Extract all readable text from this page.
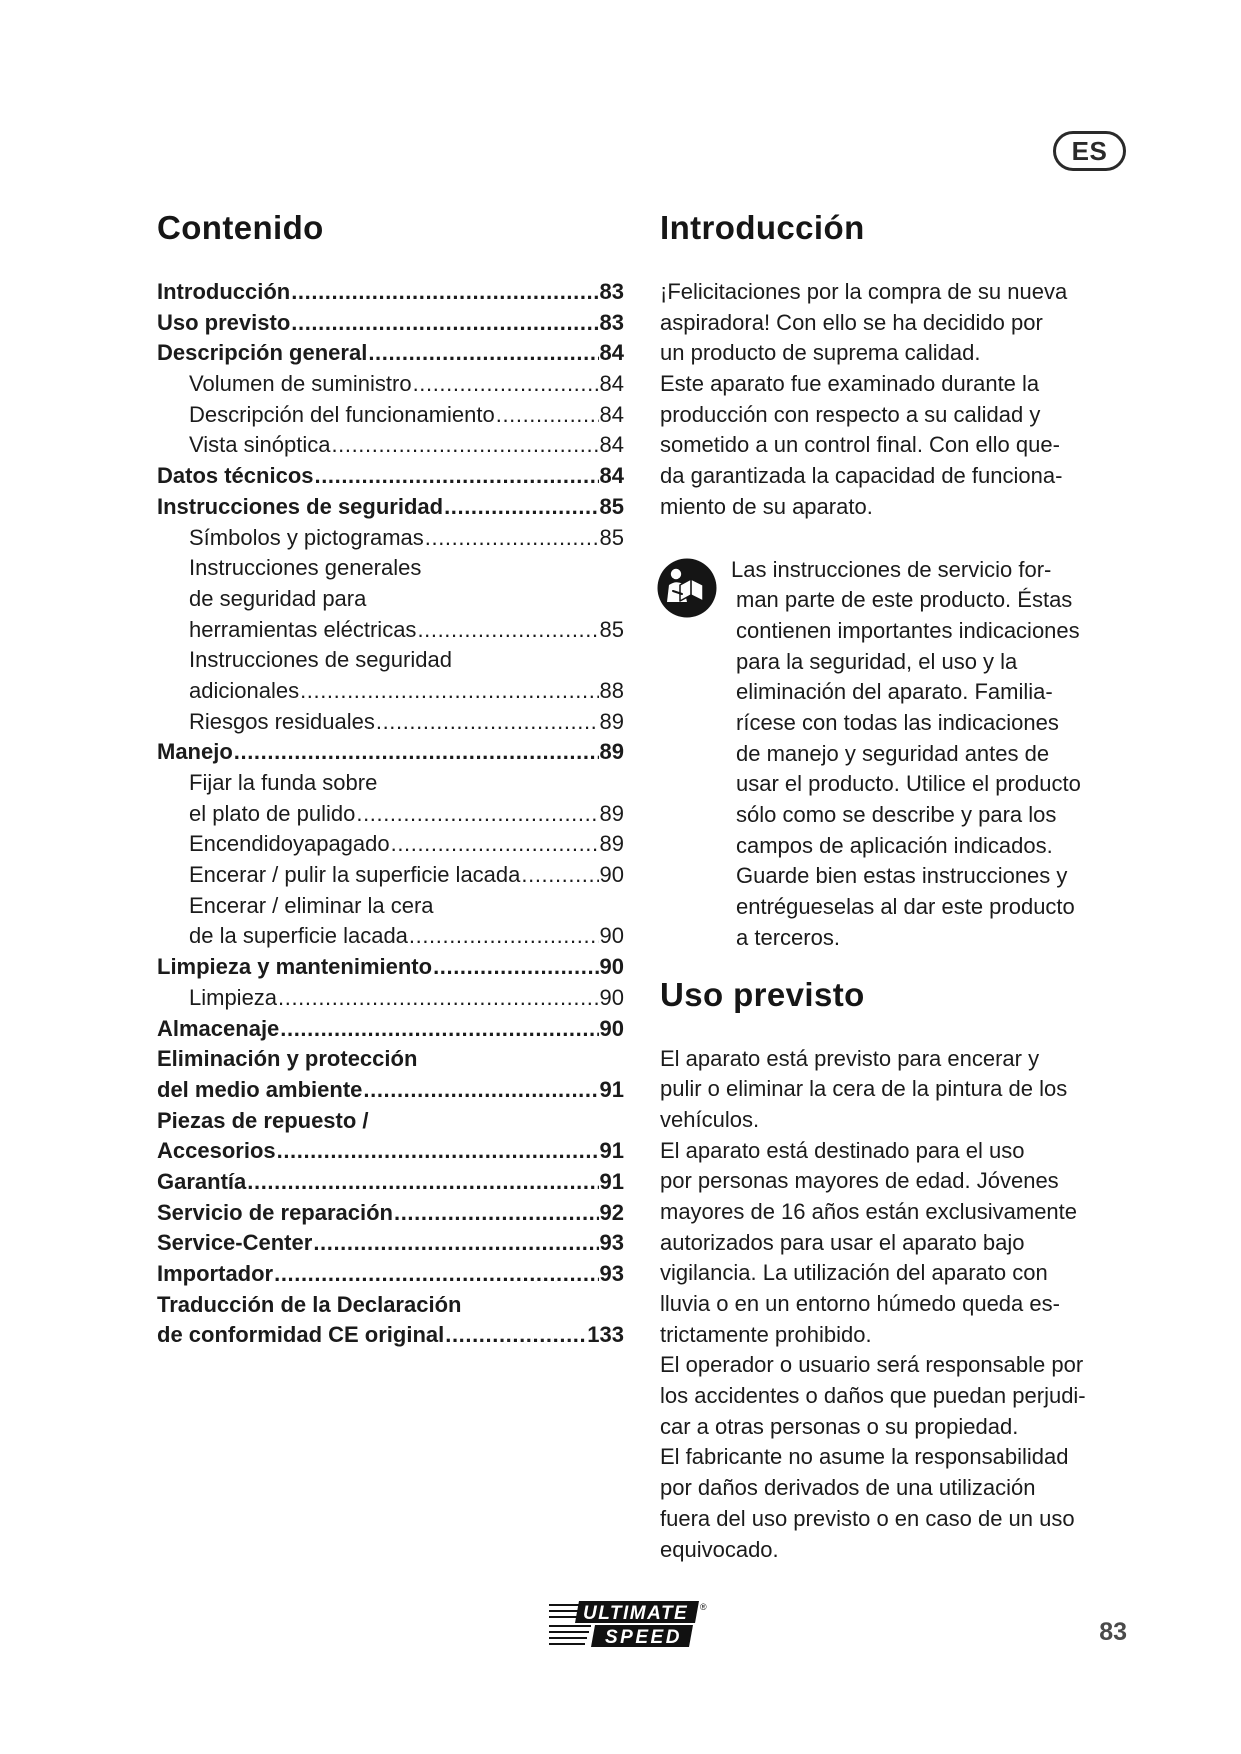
ES
Contenido
Introducción .....	83
Uso previsto .....	83
Descripción general .....	84
Volumen de suministro .....	84
Descripción del funcionamiento .....	84
Vista sinóptica .....	84
Datos técnicos .....	84
Instrucciones de seguridad .....	85
Símbolos y pictogramas .....	85
Instrucciones generales
de seguridad para
herramientas eléctricas .....	85
Instrucciones de seguridad
adicionales .....	88
Riesgos residuales .....	89
Manejo .....	89
Fijar la funda sobre
el plato de pulido .....	89
Encendidoyapagado .....	89
Encerar / pulir la superficie lacada .....	90
Encerar / eliminar la cera
de la superficie lacada .....	90
Limpieza y mantenimiento .....	90
Limpieza .....	90
Almacenaje .....	90
Eliminación y protección
del medio ambiente .....	91
Piezas de repuesto /
Accesorios .....	91
Garantía .....	91
Servicio de reparación .....	92
Service-Center .....	93
Importador .....	93
Traducción de la Declaración
de conformidad CE original .....	133
Introducción
¡Felicitaciones por la compra de su nueva
aspiradora! Con ello se ha decidido por
un producto de suprema calidad.
Este aparato fue examinado durante la
producción con respecto a su calidad y
sometido a un control final. Con ello que-
da garantizada la capacidad de funciona-
miento de su aparato.
Las instrucciones de servicio for-
man parte de este producto. Éstas
contienen importantes indicaciones
para la seguridad, el uso y la
eliminación del aparato. Familia-
rícese con todas las indicaciones
de manejo y seguridad antes de
usar el producto. Utilice el producto
sólo como se describe y para los
campos de aplicación indicados.
Guarde bien estas instrucciones y
entrégueselas al dar este producto
a terceros.
Uso previsto
El aparato está previsto para encerar y
pulir o eliminar la cera de la pintura de los
vehículos.
El aparato está destinado para el uso
por personas mayores de edad. Jóvenes
mayores de 16 años están exclusivamente
autorizados para usar el aparato bajo
vigilancia. La utilización del aparato con
lluvia o en un entorno húmedo queda es-
trictamente prohibido.
El operador o usuario será responsable por
los accidentes o daños que puedan perjudi-
car a otras personas o su propiedad.
El fabricante no asume la responsabilidad
por daños derivados de una utilización
fuera del uso previsto o en caso de un uso
equivocado.
ULTIMATE
SPEED
®
83
